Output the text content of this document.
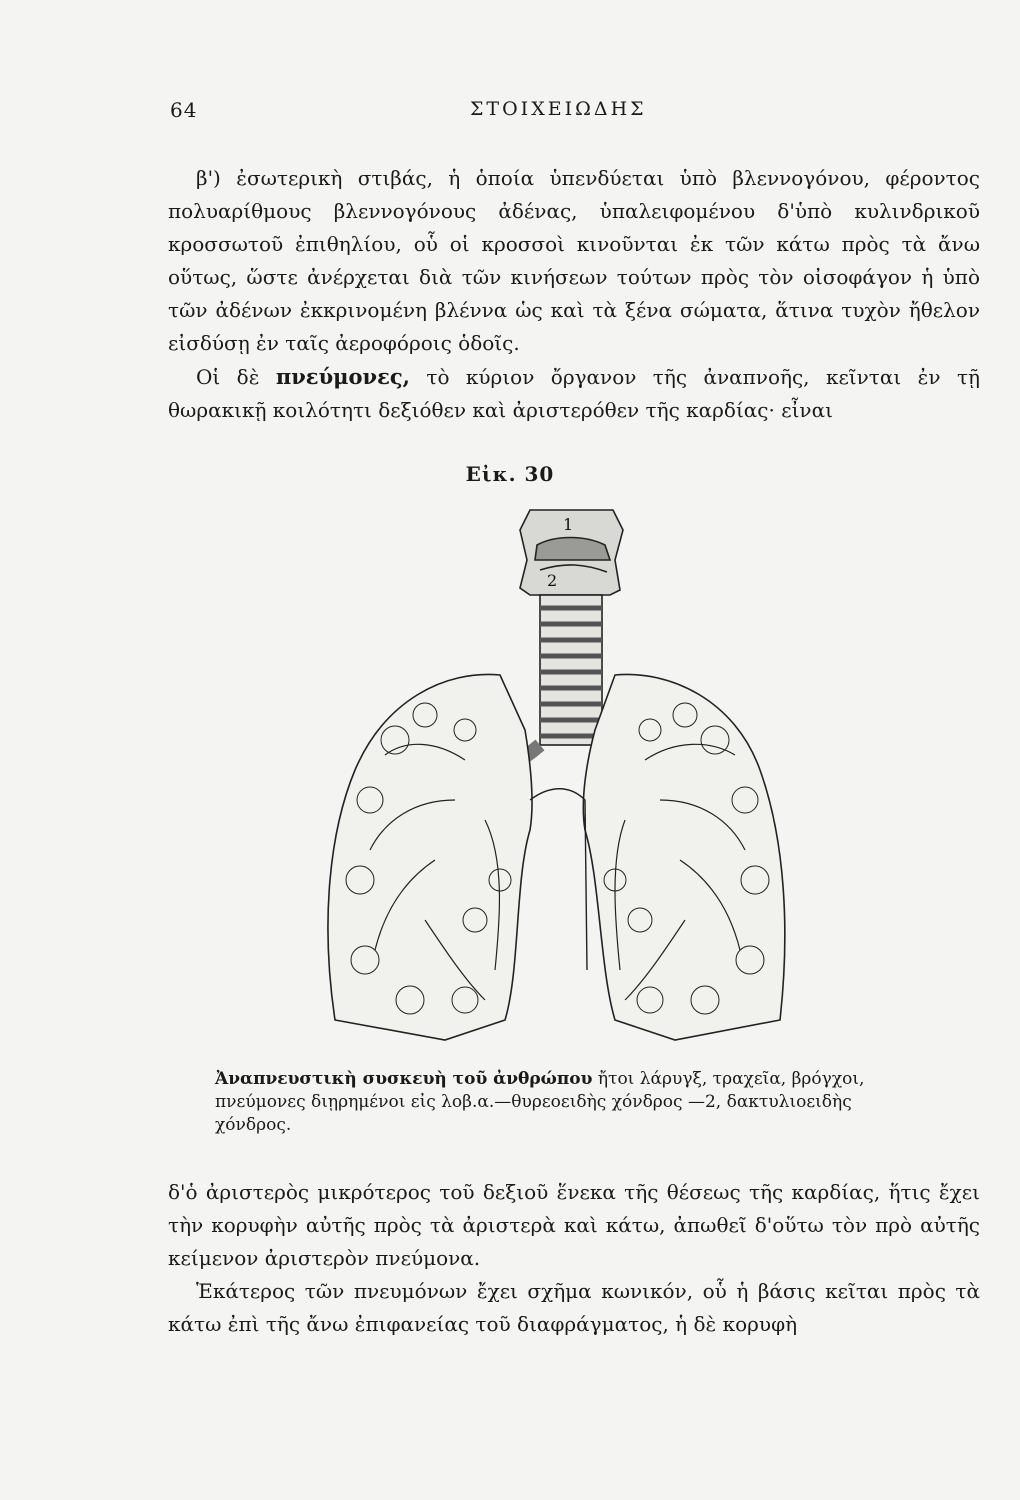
64	ΣΤΟΙΧΕΙΩΔΗΣ

β') ἐσωτερικὴ στιβάς, ἡ ὁποία ὑπενδύεται ὑπὸ βλεννογόνου, φέροντος πολυαρίθμους βλεννογόνους ἀδένας, ὑπαλειφομένου δ'ὑπὸ κυλινδρικοῦ κροσσωτοῦ ἐπιθηλίου, οὗ οἱ κροσσοὶ κινοῦνται ἐκ τῶν κάτω πρὸς τὰ ἄνω οὕτως, ὥστε ἀνέρχεται διὰ τῶν κινήσεων τούτων πρὸς τὸν οἰσοφάγον ἡ ὑπὸ τῶν ἀδένων ἐκκρινομένη βλέννα ὡς καὶ τὰ ξένα σώματα, ἅτινα τυχὸν ἤθελον εἰσδύσῃ ἐν ταῖς ἀεροφόροις ὁδοῖς.

Οἱ δὲ πνεύμονες, τὸ κύριον ὄργανον τῆς ἀναπνοῆς, κεῖνται ἐν τῇ θωρακικῇ κοιλότητι δεξιόθεν καὶ ἀριστερόθεν τῆς καρδίας· εἶναι

Εἰκ. 30
1
2
Ἀναπνευστικὴ συσκευὴ τοῦ ἀνθρώπου ἤτοι λάρυγξ, τραχεῖα, βρόγχοι, πνεύμονες διῃρημένοι εἰς λοβ.α.—θυρεοειδὴς χόνδρος —2, δακτυλιοειδὴς χόνδρος.

δ'ὁ ἀριστερὸς μικρότερος τοῦ δεξιοῦ ἕνεκα τῆς θέσεως τῆς καρδίας, ἥτις ἔχει τὴν κορυφὴν αὐτῆς πρὸς τὰ ἀριστερὰ καὶ κάτω, ἀπωθεῖ δ'οὕτω τὸν πρὸ αὐτῆς κείμενον ἀριστερὸν πνεύμονα.

Ἑκάτερος τῶν πνευμόνων ἔχει σχῆμα κωνικόν, οὗ ἡ βάσις κεῖται πρὸς τὰ κάτω ἐπὶ τῆς ἄνω ἐπιφανείας τοῦ διαφράγματος, ἡ δὲ κορυφὴ
